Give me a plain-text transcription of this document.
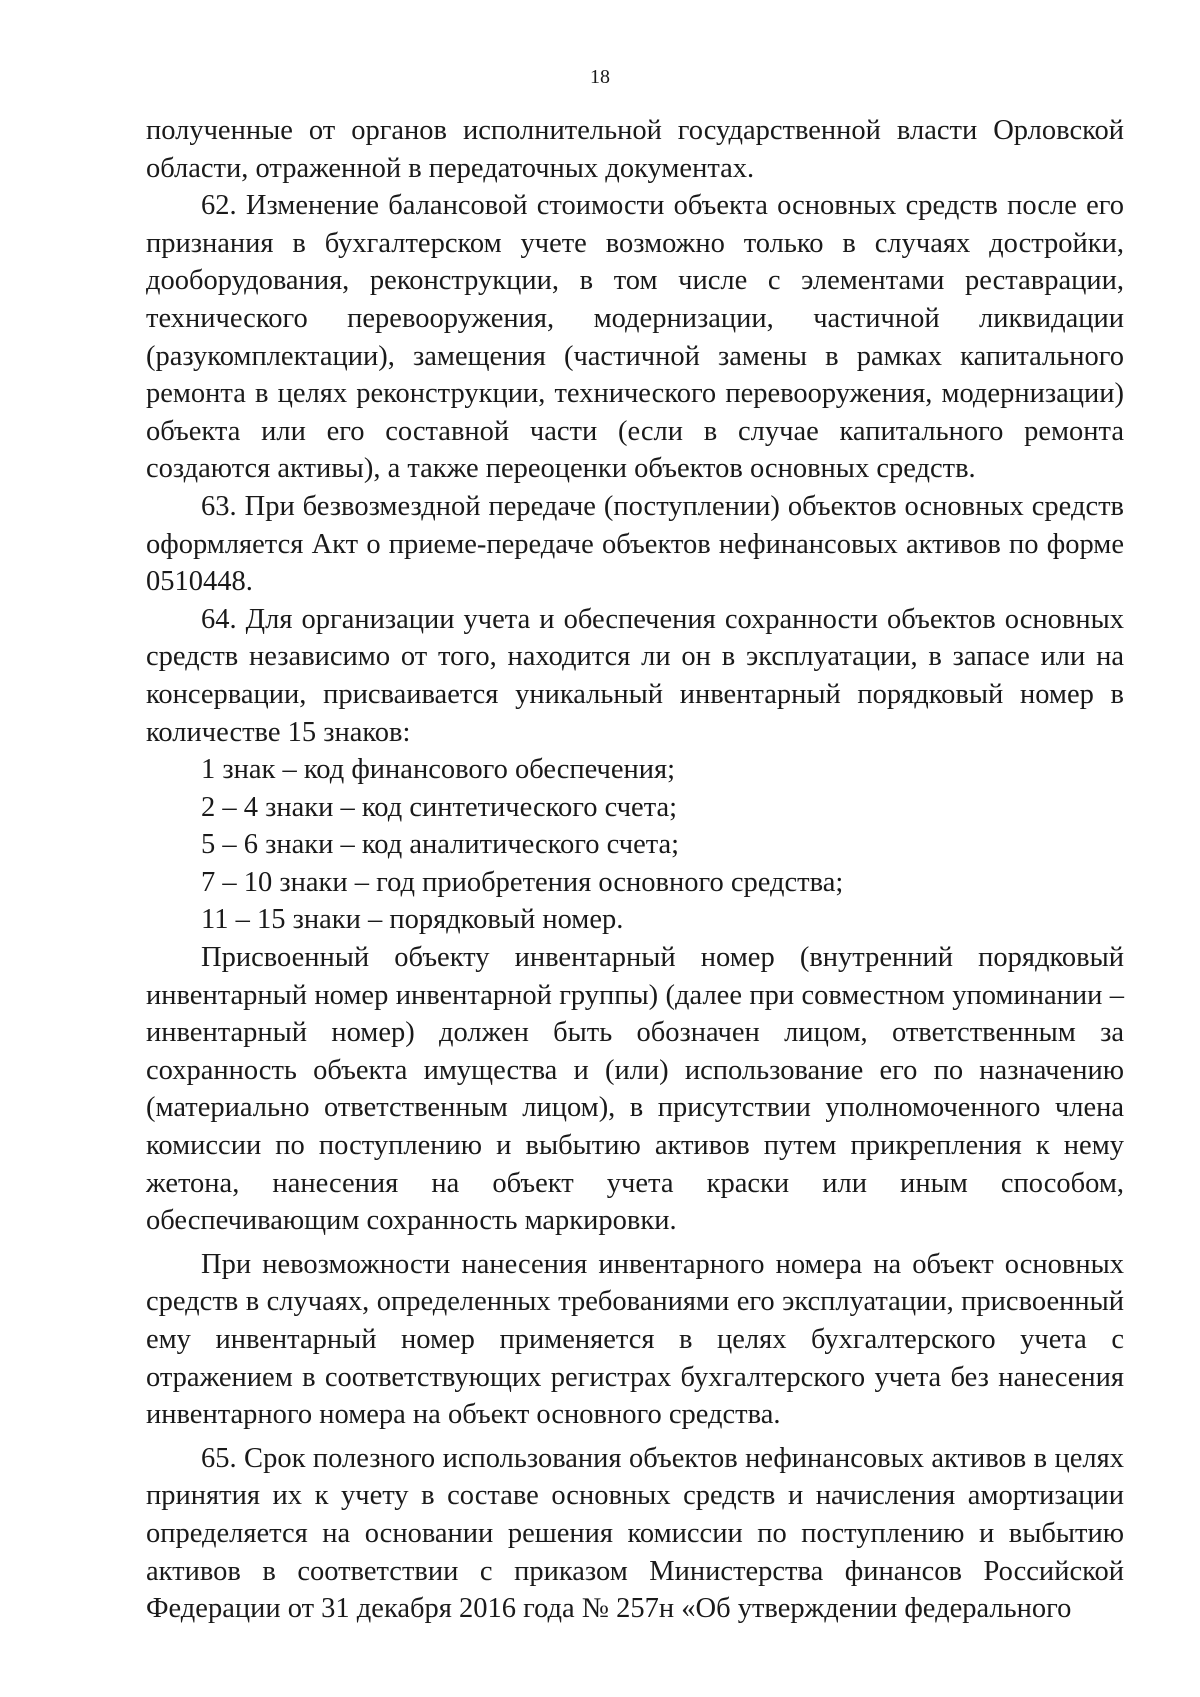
18

полученные от органов исполнительной государственной власти Орловской области, отраженной в передаточных документах.

62. Изменение балансовой стоимости объекта основных средств после его признания в бухгалтерском учете возможно только в случаях достройки, дооборудования, реконструкции, в том числе с элементами реставрации, технического перевооружения, модернизации, частичной ликвидации (разукомплектации), замещения (частичной замены в рамках капитального ремонта в целях реконструкции, технического перевооружения, модернизации) объекта или его составной части (если в случае капитального ремонта создаются активы), а также переоценки объектов основных средств.

63. При безвозмездной передаче (поступлении) объектов основных средств оформляется Акт о приеме-передаче объектов нефинансовых активов по форме 0510448.

64. Для организации учета и обеспечения сохранности объектов основных средств независимо от того, находится ли он в эксплуатации, в запасе или на консервации, присваивается уникальный инвентарный порядковый номер в количестве 15 знаков:

1 знак – код финансового обеспечения;

2 – 4 знаки – код синтетического счета;

5 – 6 знаки – код аналитического счета;

7 – 10 знаки – год приобретения основного средства;

11 – 15 знаки – порядковый номер.

Присвоенный объекту инвентарный номер (внутренний порядковый инвентарный номер инвентарной группы) (далее при совместном упоминании – инвентарный номер) должен быть обозначен лицом, ответственным за сохранность объекта имущества и (или) использование его по назначению (материально ответственным лицом), в присутствии уполномоченного члена комиссии по поступлению и выбытию активов путем прикрепления к нему жетона, нанесения на объект учета краски или иным способом, обеспечивающим сохранность маркировки.

При невозможности нанесения инвентарного номера на объект основных средств в случаях, определенных требованиями его эксплуатации, присвоенный ему инвентарный номер применяется в целях бухгалтерского учета с отражением в соответствующих регистрах бухгалтерского учета без нанесения инвентарного номера на объект основного средства.

65. Срок полезного использования объектов нефинансовых активов в целях принятия их к учету в составе основных средств и начисления амортизации определяется на основании решения комиссии по поступлению и выбытию активов в соответствии с приказом Министерства финансов Российской Федерации от 31 декабря 2016 года № 257н «Об утверждении федерального
